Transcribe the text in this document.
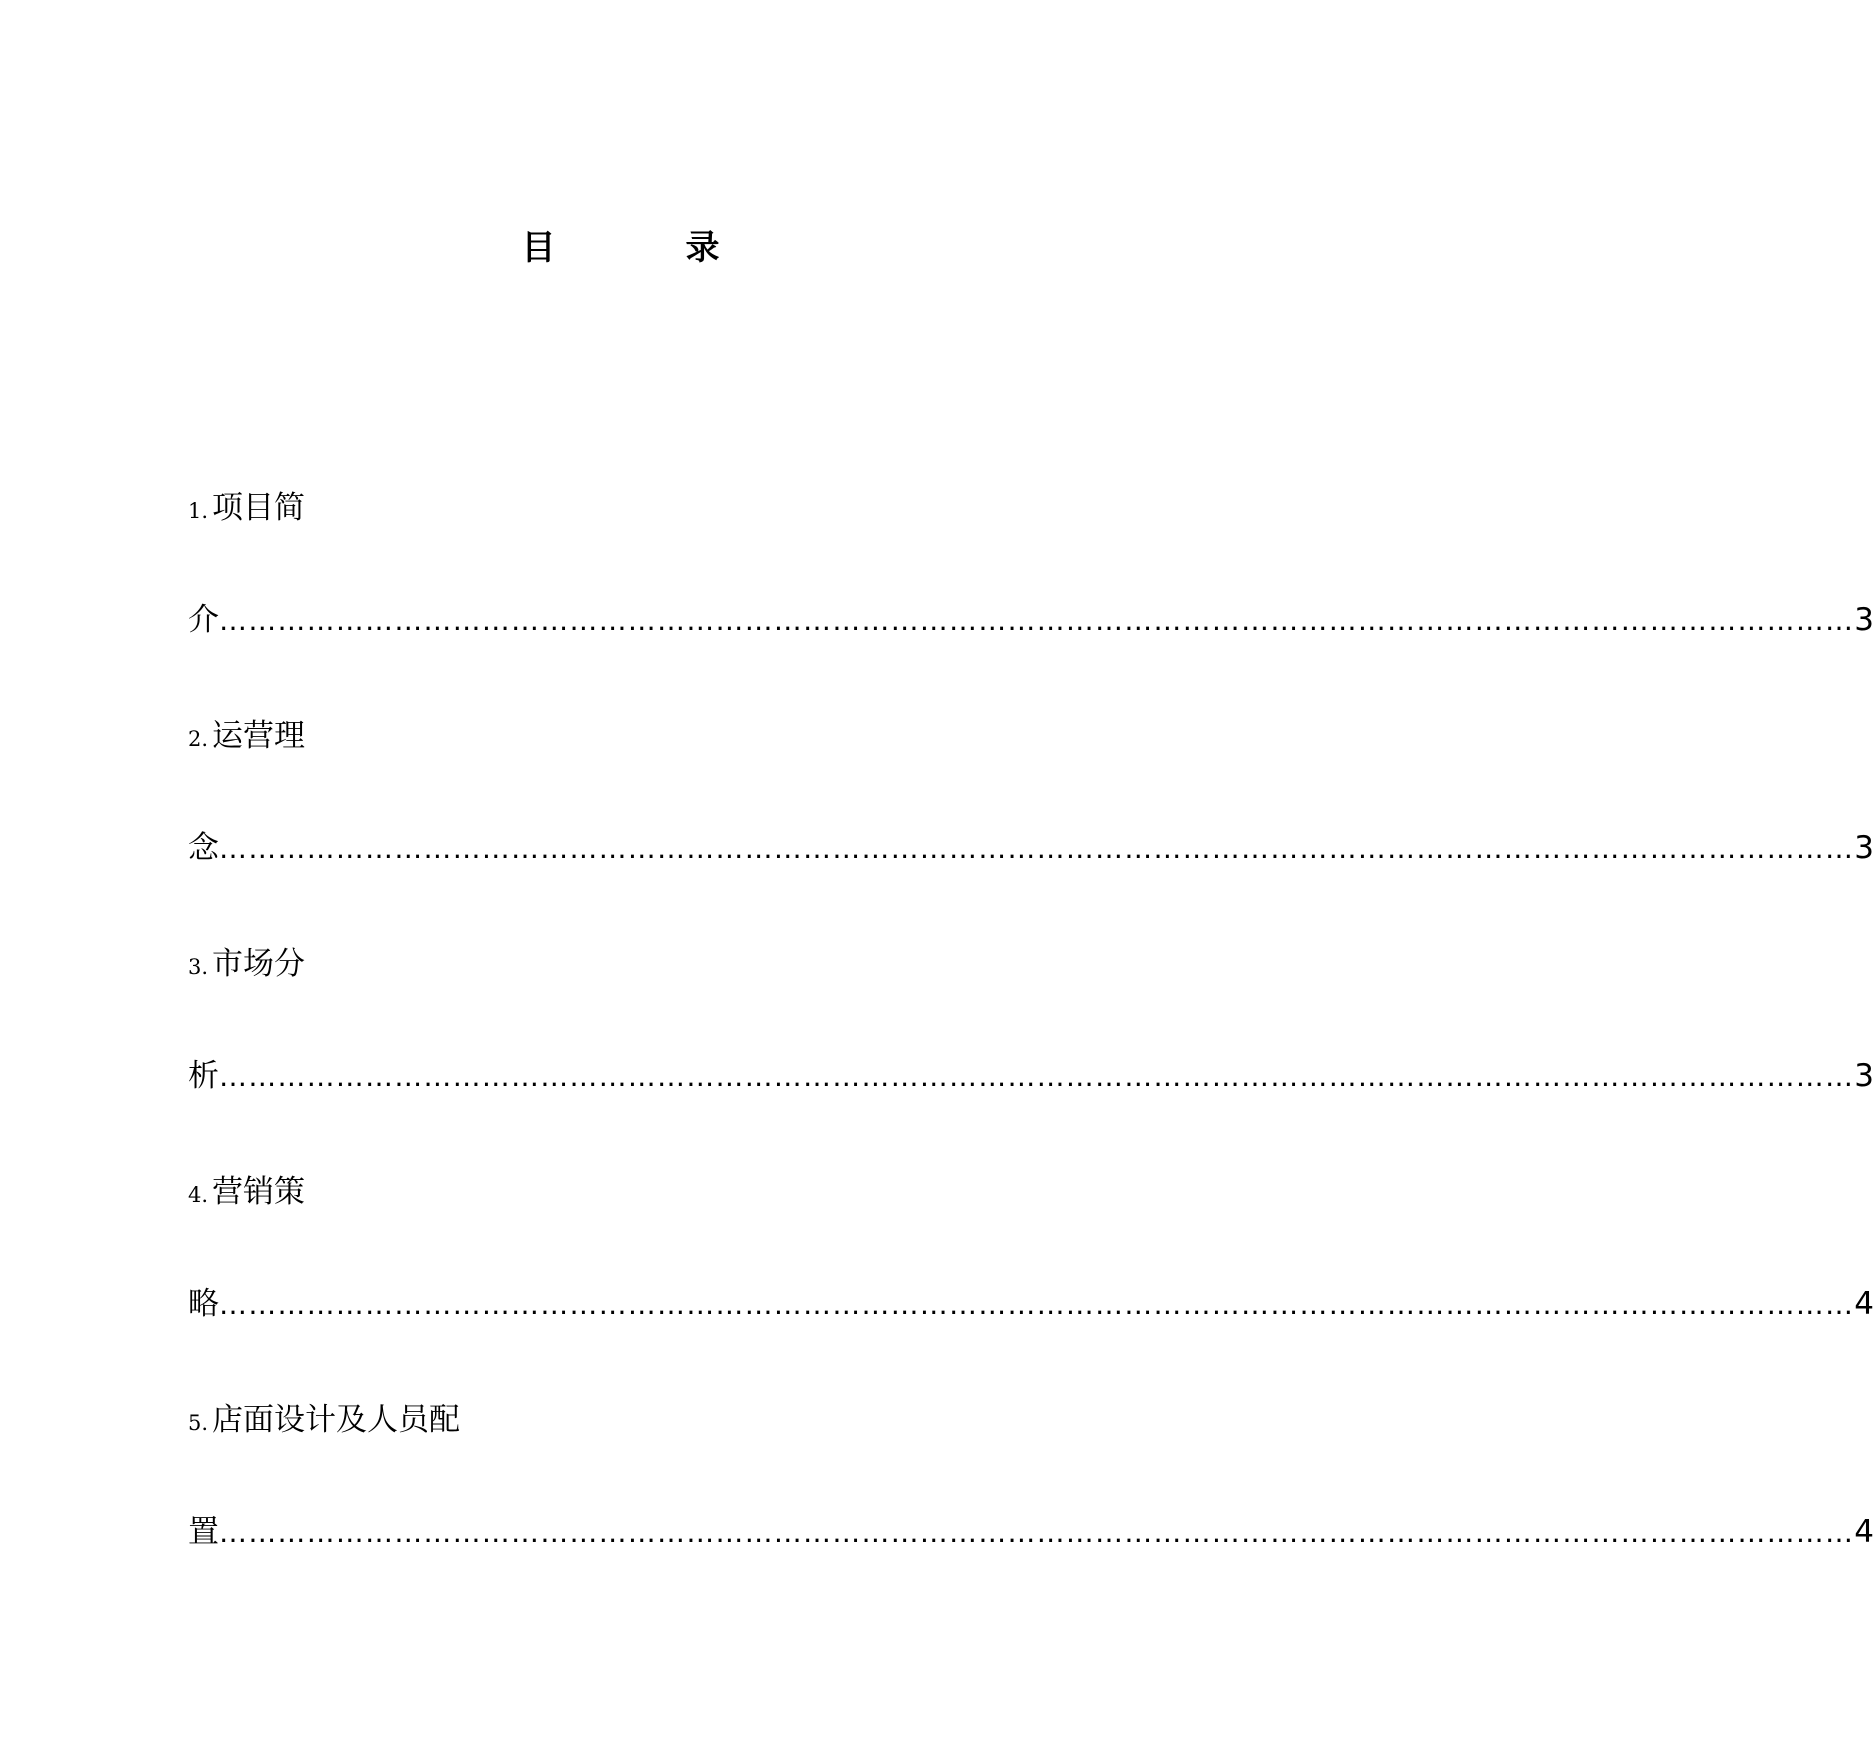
目　录
1. 项目简
介 …………………………………………………………………………………………………………………………………………………… 3
2. 运营理
念 …………………………………………………………………………………………………………………………………………………… 3
3. 市场分
析 …………………………………………………………………………………………………………………………………………………… 3
4. 营销策
略 …………………………………………………………………………………………………………………………………………………… 4
5. 店面设计及人员配
置 …………………………………………………………………………………………………………………………………………………… 4
